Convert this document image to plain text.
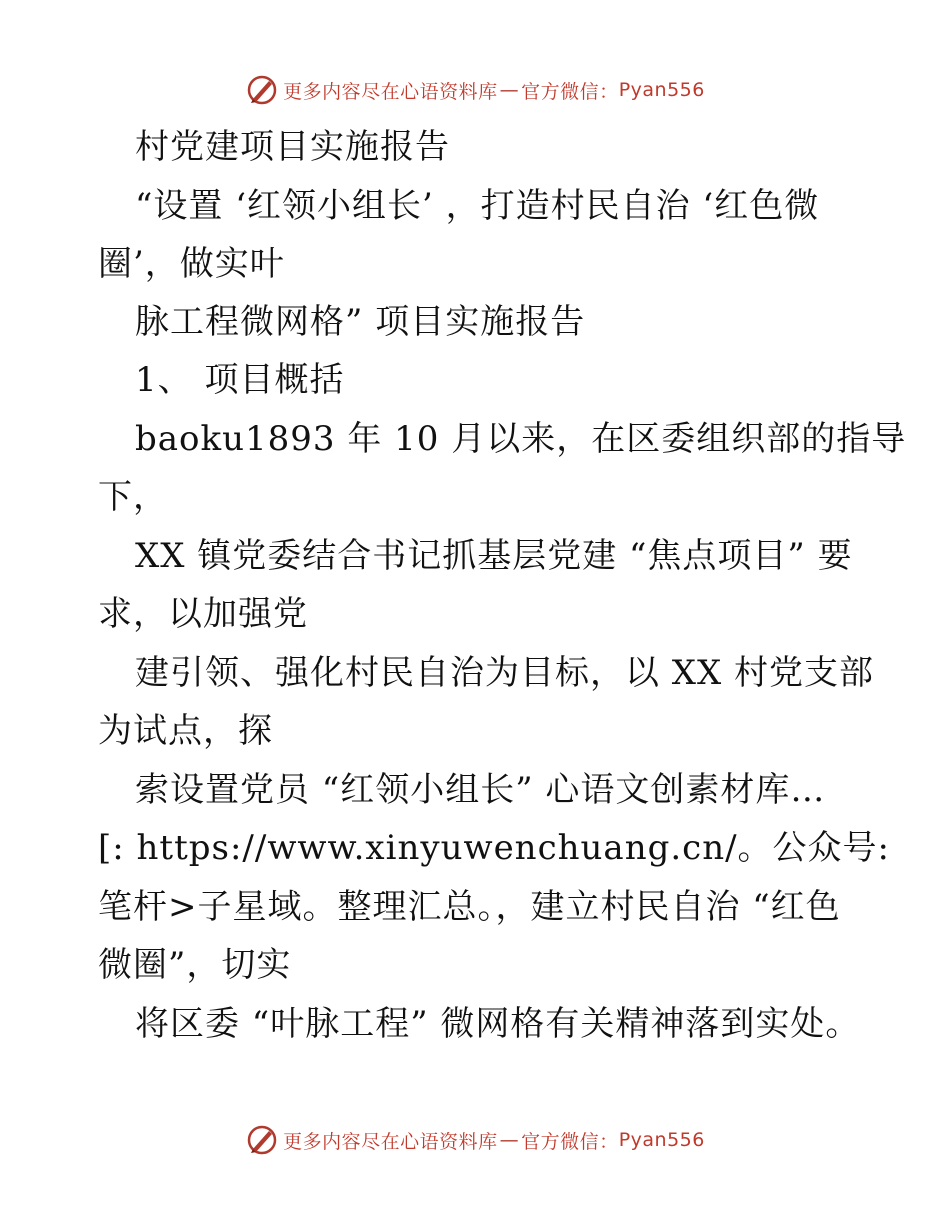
更多内容尽在心语资料库 — 官方微信： Pyan556
村党建项目实施报告
“设置 ‘红领小组长’ ，打造村民自治 ‘红色微
圈’，做实叶
脉工程微网格” 项目实施报告
1、 项目概括
baoku1893 年 10 月以来，在区委组织部的指导
下，
XX 镇党委结合书记抓基层党建 “焦点项目” 要
求，以加强党
建引领、强化村民自治为目标，以 XX 村党支部
为试点，探
索设置党员 “红领小组长” 心语文创素材库…
[: https://www.xinyuwenchuang.cn/。公众号:
笔杆>子星域。整理汇总。，建立村民自治 “红色
微圈”，切实
将区委 “叶脉工程” 微网格有关精神落到实处。
更多内容尽在心语资料库 — 官方微信： Pyan556
